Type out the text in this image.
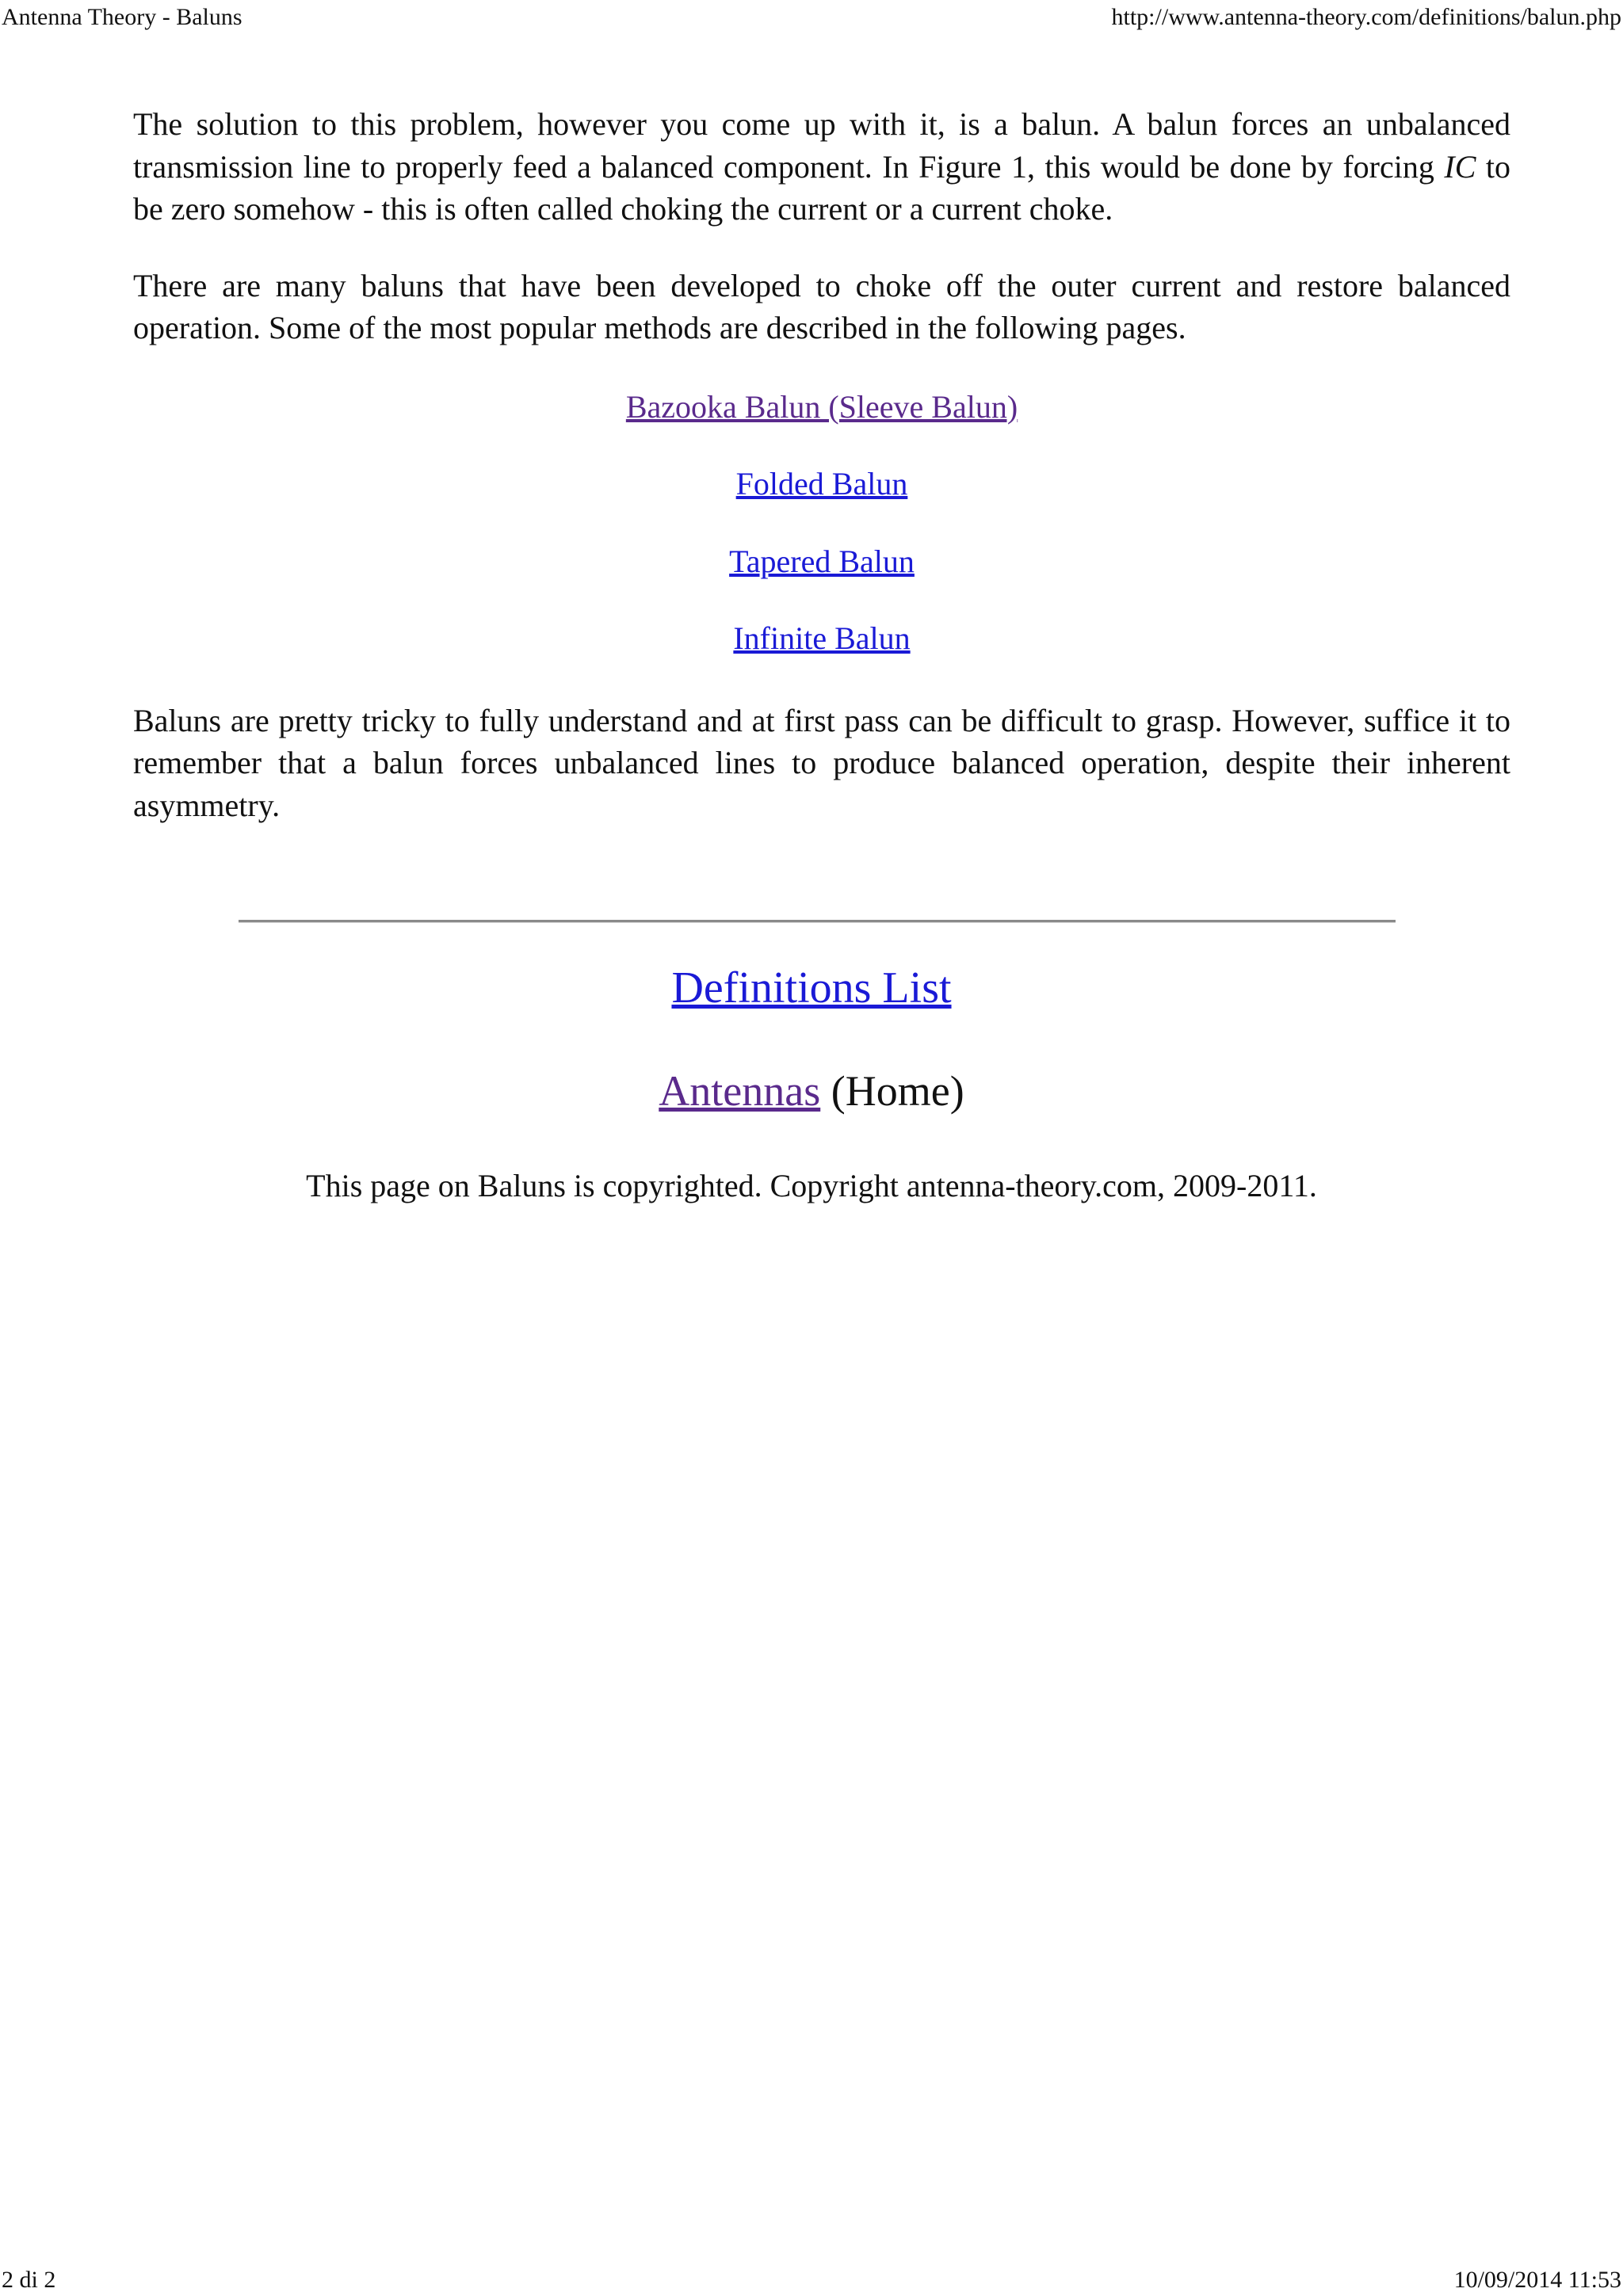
Antenna Theory - Baluns	http://www.antenna-theory.com/definitions/balun.php

The solution to this problem, however you come up with it, is a balun. A balun forces an unbalanced transmission line to properly feed a balanced component. In Figure 1, this would be done by forcing IC to be zero somehow - this is often called choking the current or a current choke.

There are many baluns that have been developed to choke off the outer current and restore balanced operation. Some of the most popular methods are described in the following pages.

Bazooka Balun (Sleeve Balun)
Folded Balun
Tapered Balun
Infinite Balun

Baluns are pretty tricky to fully understand and at first pass can be difficult to grasp. However, suffice it to remember that a balun forces unbalanced lines to produce balanced operation, despite their inherent asymmetry.

Definitions List
Antennas (Home)
This page on Baluns is copyrighted. Copyright antenna-theory.com, 2009-2011.
2 di 2	10/09/2014 11:53
